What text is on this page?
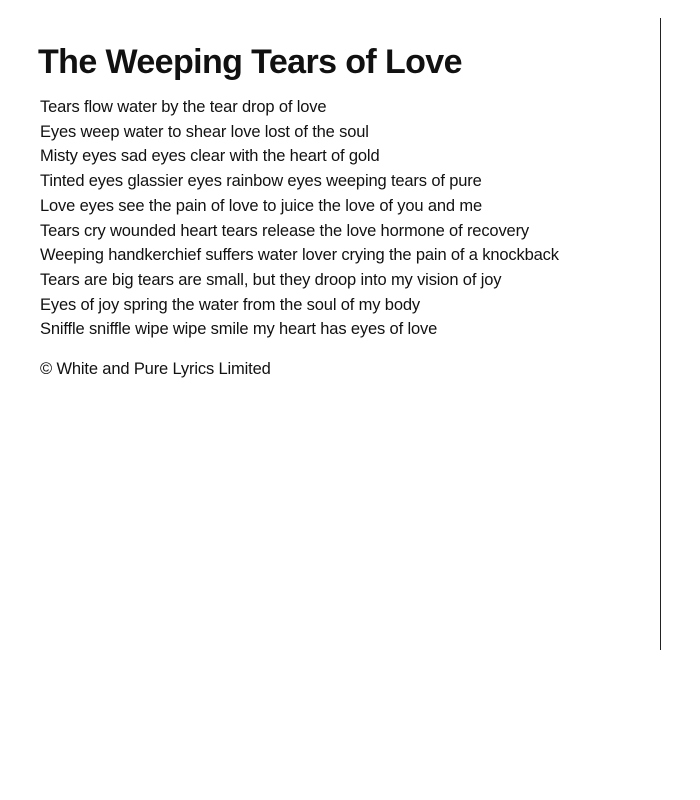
The Weeping Tears of Love
Tears flow water by the tear drop of love
Eyes weep water to shear love lost of the soul
Misty eyes sad eyes clear with the heart of gold
Tinted eyes glassier eyes rainbow eyes weeping tears of pure
Love eyes see the pain of love to juice the love of you and me
Tears cry wounded heart tears release the love hormone of recovery
Weeping handkerchief suffers water lover crying the pain of a knockback
Tears are big tears are small, but they droop into my vision of joy
Eyes of joy spring the water from the soul of my body
Sniffle sniffle wipe wipe smile my heart has eyes of love

© White and Pure Lyrics Limited
